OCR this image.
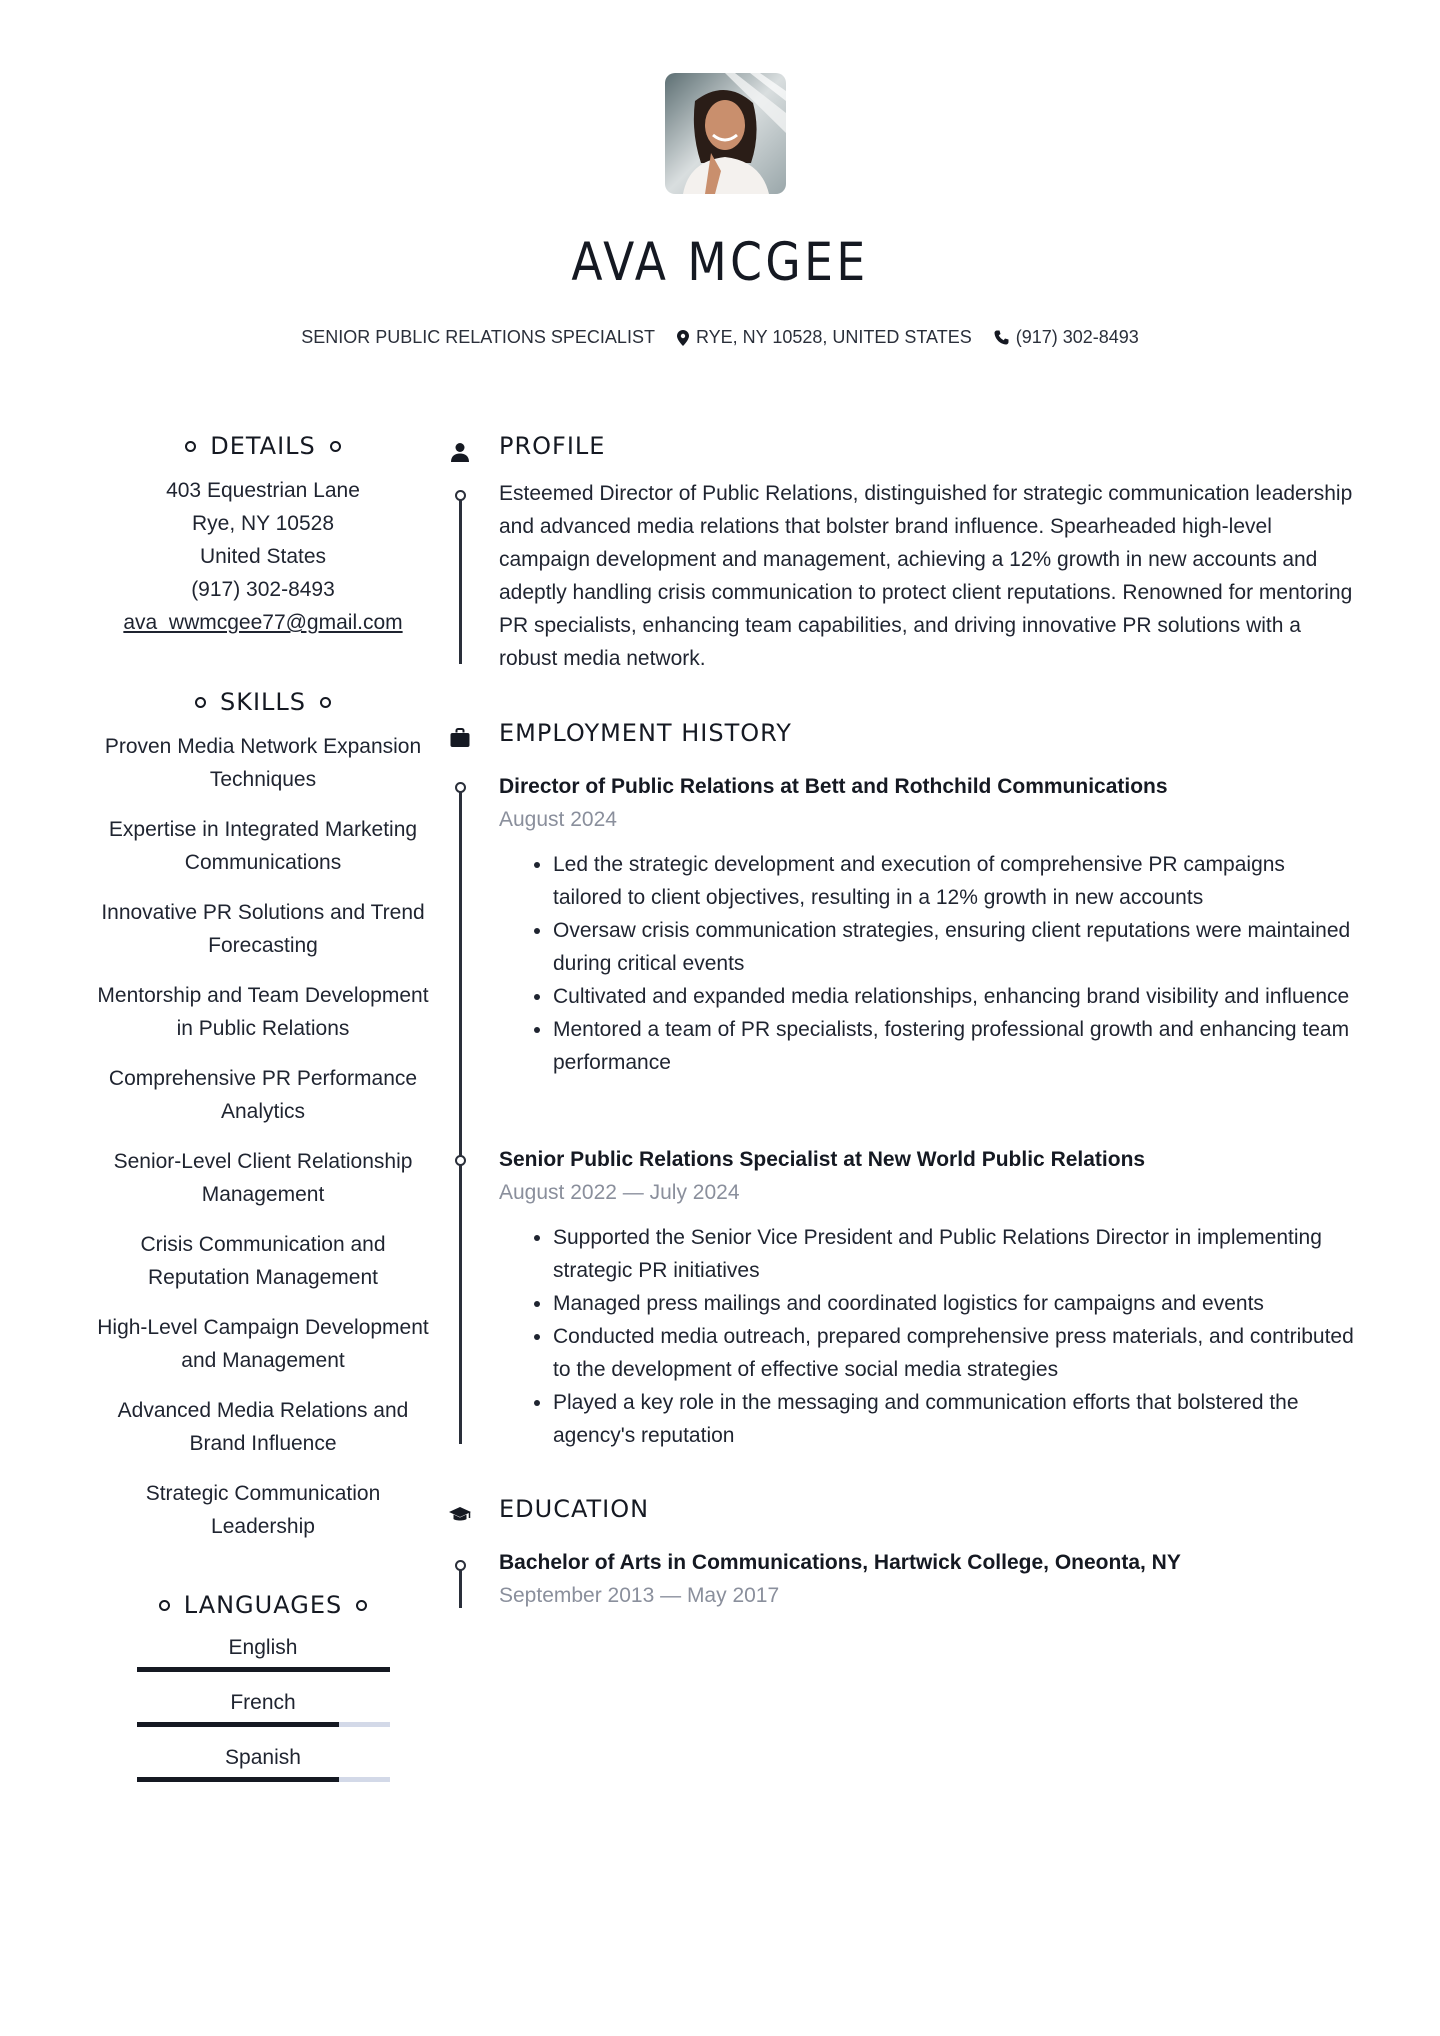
AVA MCGEE
SENIOR PUBLIC RELATIONS SPECIALIST RYE, NY 10528, UNITED STATES (917) 302-8493
DETAILS
403 Equestrian Lane
Rye, NY 10528
United States
(917) 302-8493
ava_wwmcgee77@gmail.com
SKILLS
Proven Media Network Expansion Techniques
Expertise in Integrated Marketing Communications
Innovative PR Solutions and Trend Forecasting
Mentorship and Team Development in Public Relations
Comprehensive PR Performance Analytics
Senior-Level Client Relationship Management
Crisis Communication and Reputation Management
High-Level Campaign Development and Management
Advanced Media Relations and Brand Influence
Strategic Communication Leadership
LANGUAGES
English
French
Spanish
PROFILE
Esteemed Director of Public Relations, distinguished for strategic communication leadership and advanced media relations that bolster brand influence. Spearheaded high-level campaign development and management, achieving a 12% growth in new accounts and adeptly handling crisis communication to protect client reputations. Renowned for mentoring PR specialists, enhancing team capabilities, and driving innovative PR solutions with a robust media network.
EMPLOYMENT HISTORY
Director of Public Relations at Bett and Rothchild Communications
August 2024
• Led the strategic development and execution of comprehensive PR campaigns tailored to client objectives, resulting in a 12% growth in new accounts
• Oversaw crisis communication strategies, ensuring client reputations were maintained during critical events
• Cultivated and expanded media relationships, enhancing brand visibility and influence
• Mentored a team of PR specialists, fostering professional growth and enhancing team performance
Senior Public Relations Specialist at New World Public Relations
August 2022 — July 2024
• Supported the Senior Vice President and Public Relations Director in implementing strategic PR initiatives
• Managed press mailings and coordinated logistics for campaigns and events
• Conducted media outreach, prepared comprehensive press materials, and contributed to the development of effective social media strategies
• Played a key role in the messaging and communication efforts that bolstered the agency's reputation
EDUCATION
Bachelor of Arts in Communications, Hartwick College, Oneonta, NY
September 2013 — May 2017
